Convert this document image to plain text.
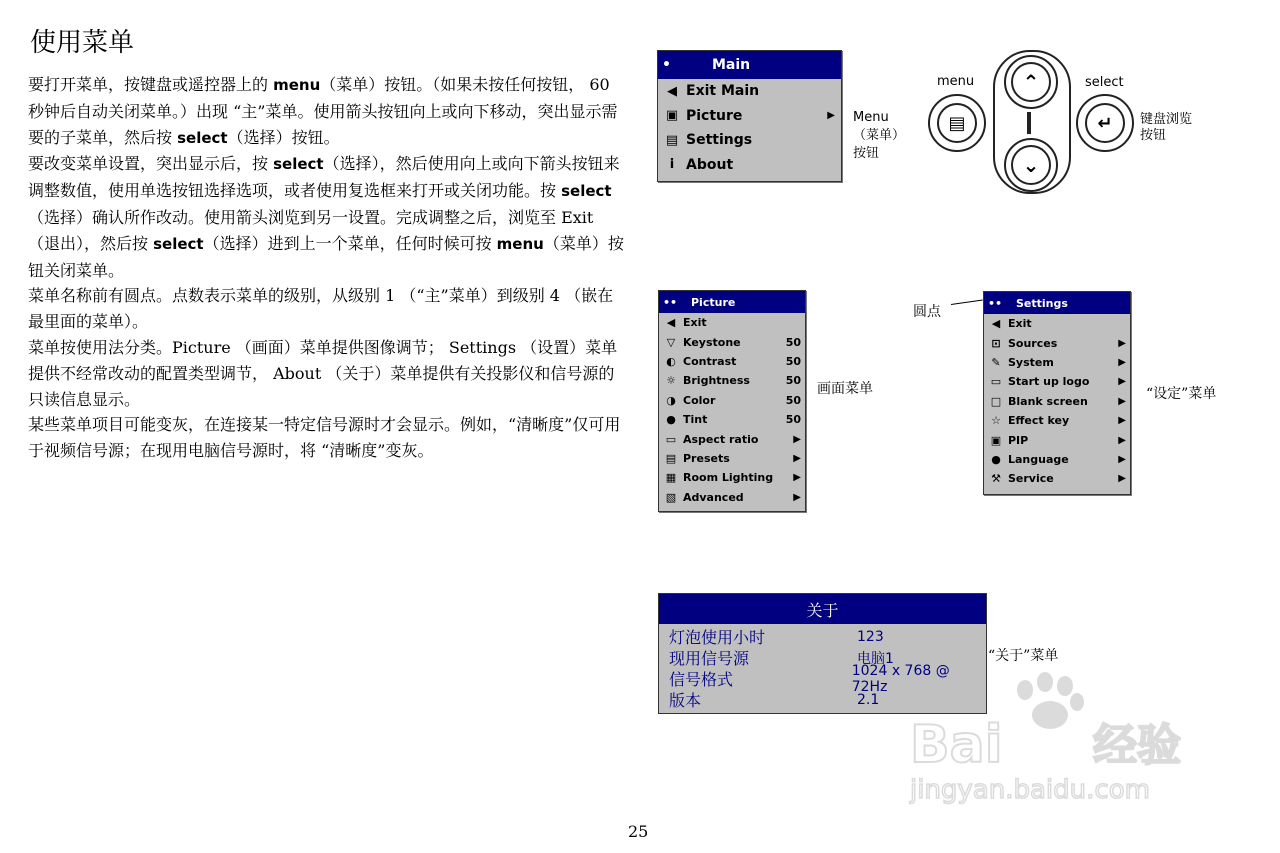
使用菜单

要打开菜单，按键盘或遥控器上的 menu（菜单）按钮。（如果未按任何按钮， 60 秒钟后自动关闭菜单。）出现 “主”菜单。使用箭头按钮向上或向下移动，突出显示需要的子菜单，然后按 select（选择）按钮。

要改变菜单设置，突出显示后，按 select（选择），然后使用向上或向下箭头按钮来调整数值，使用单选按钮选择选项，或者使用复选框来打开或关闭功能。按 select（选择）确认所作改动。使用箭头浏览到另一设置。完成调整之后，浏览至 Exit （退出），然后按 select（选择）进到上一个菜单，任何时候可按 menu（菜单）按钮关闭菜单。

菜单名称前有圆点。点数表示菜单的级别，从级别 1 （“主”菜单）到级别 4 （嵌在最里面的菜单）。

菜单按使用法分类。Picture （画面）菜单提供图像调节； Settings （设置）菜单提供不经常改动的配置类型调节， About （关于）菜单提供有关投影仪和信号源的只读信息显示。

某些菜单项目可能变灰，在连接某一特定信号源时才会显示。例如，“清晰度”仅可用于视频信号源；在现用电脑信号源时，将 “清晰度”变灰。

•	Main
◀ Exit Main
▣ Picture	▶
▤ Settings
i About
Menu
（菜单）
按钮
menu
▤
⌃
⌄
select
↵	键盘浏览
按钮
••	Picture
◀ Exit
▽ Keystone	50
◐ Contrast	50
☼ Brightness	50
◑ Color	50
● Tint	50
▭ Aspect ratio	▶
▤ Presets	▶
▦ Room Lighting ▶
▧ Advanced	▶
画面菜单
圆点
••	Settings
◀ Exit
⊡ Sources	▶
✎ System	▶
▭ Start up logo	▶
□ Blank screen	▶
☆ Effect key	▶
▣ PIP	▶
● Language	▶
⚒ Service	▶
“设定”菜单
关于
灯泡使用小时	123
现用信号源	电脑1
信号格式	1024 x 768 @ 72Hz
版本	2.1
“关于”菜单
Bai 经验
jingyan.baidu.com
25
